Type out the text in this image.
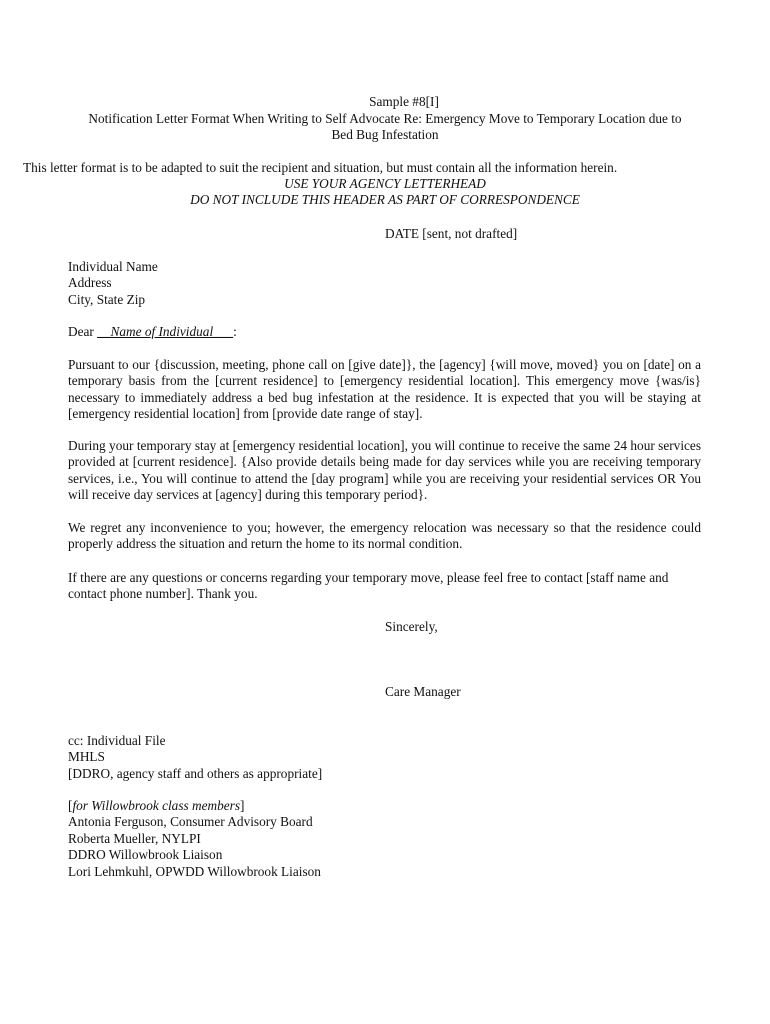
Sample #8[I]
Notification Letter Format When Writing to Self Advocate Re: Emergency Move to Temporary Location due to
Bed Bug Infestation
This letter format is to be adapted to suit the recipient and situation, but must contain all the information herein.
USE YOUR AGENCY LETTERHEAD
DO NOT INCLUDE THIS HEADER AS PART OF CORRESPONDENCE
DATE [sent, not drafted]
Individual Name
Address
City, State Zip
Dear __Name of Individual___:
Pursuant to our {discussion, meeting, phone call on [give date]}, the [agency] {will move, moved} you on [date] on a temporary basis from the [current residence] to [emergency residential location]. This emergency move {was/is} necessary to immediately address a bed bug infestation at the residence. It is expected that you will be staying at [emergency residential location] from [provide date range of stay].
During your temporary stay at [emergency residential location], you will continue to receive the same 24 hour services provided at [current residence]. {Also provide details being made for day services while you are receiving temporary services, i.e., You will continue to attend the [day program] while you are receiving your residential services OR You will receive day services at [agency] during this temporary period}.
We regret any inconvenience to you; however, the emergency relocation was necessary so that the residence could properly address the situation and return the home to its normal condition.
If there are any questions or concerns regarding your temporary move, please feel free to contact [staff name and
contact phone number]. Thank you.
Sincerely,
Care Manager
cc: Individual File
MHLS
[DDRO, agency staff and others as appropriate]
[for Willowbrook class members]
Antonia Ferguson, Consumer Advisory Board
Roberta Mueller, NYLPI
DDRO Willowbrook Liaison
Lori Lehmkuhl, OPWDD Willowbrook Liaison
